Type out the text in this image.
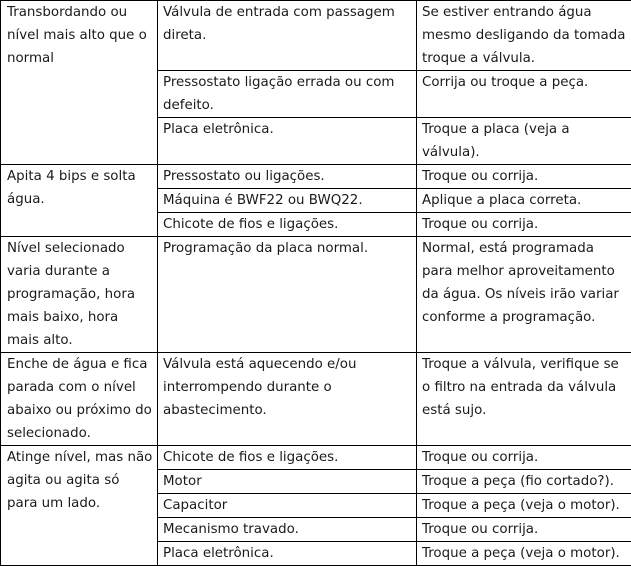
Transbordando ou nível mais alto que o normal	Válvula de entrada com passagem direta.	Se estiver entrando água mesmo desligando da tomada troque a válvula.
	Pressostato ligação errada ou com defeito.	Corrija ou troque a peça.
	Placa eletrônica.	Troque a placa (veja a válvula).
Apita 4 bips e solta água.	Pressostato ou ligações.	Troque ou corrija.
	Máquina é BWF22 ou BWQ22.	Aplique a placa correta.
	Chicote de fios e ligações.	Troque ou corrija.
Nível selecionado varia durante a programação, hora mais baixo, hora mais alto.	Programação da placa normal.	Normal, está programada para melhor aproveitamento da água. Os níveis irão variar conforme a programação.
Enche de água e fica parada com o nível abaixo ou próximo do selecionado.	Válvula está aquecendo e/ou interrompendo durante o abastecimento.	Troque a válvula, verifique se o filtro na entrada da válvula está sujo.
Atinge nível, mas não agita ou agita só para um lado.	Chicote de fios e ligações.	Troque ou corrija.
	Motor	Troque a peça (fio cortado?).
	Capacitor	Troque a peça (veja o motor).
	Mecanismo travado.	Troque ou corrija.
	Placa eletrônica.	Troque a peça (veja o motor).
